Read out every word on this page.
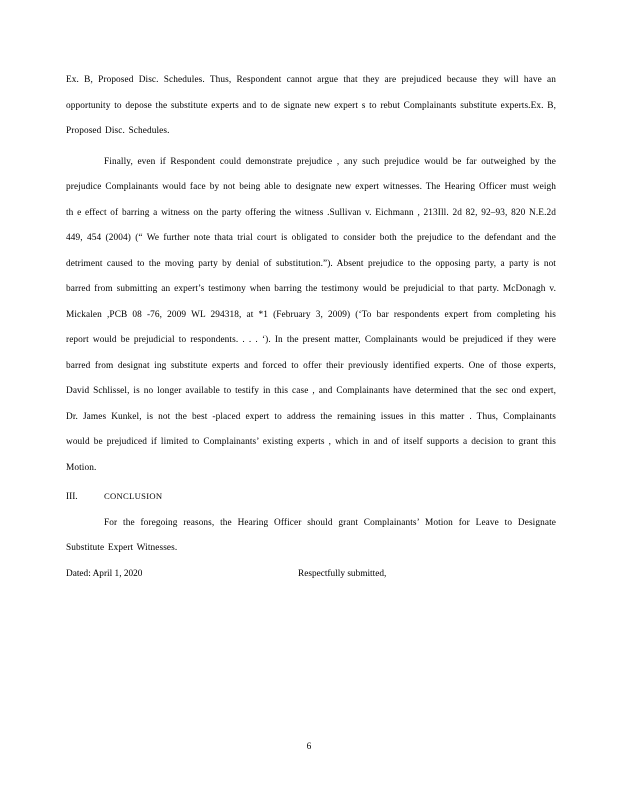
Ex. B, Proposed Disc. Schedules. Thus, Respondent cannot argue that they are prejudiced because they will have an opportunity to depose the substitute experts and to de signate new expert s to rebut Complainants substitute experts.Ex. B, Proposed Disc. Schedules.

Finally, even if Respondent could demonstrate prejudice , any such prejudice would be far outweighed by the prejudice Complainants would face by not being able to designate new expert witnesses. The Hearing Officer must weigh th e effect of barring a witness on the party offering the witness .Sullivan v. Eichmann , 213Ill. 2d 82, 92–93, 820 N.E.2d 449, 454 (2004) (“ We further note thata trial court is obligated to consider both the prejudice to the defendant and the detriment caused to the moving party by denial of substitution.”). Absent prejudice to the opposing party, a party is not barred from submitting an expert’s testimony when barring the testimony would be prejudicial to that party. McDonagh v. Mickalen ,PCB 08 -76, 2009 WL 294318, at *1 (February 3, 2009) (‘To bar respondents expert from completing his report would be prejudicial to respondents. . . . ‘). In the present matter, Complainants would be prejudiced if they were barred from designat ing substitute experts and forced to offer their previously identified experts. One of those experts, David Schlissel, is no longer available to testify in this case , and Complainants have determined that the sec ond expert, Dr. James Kunkel, is not the best -placed expert to address the remaining issues in this matter . Thus, Complainants would be prejudiced if limited to Complainants’ existing experts , which in and of itself supports a decision to grant this Motion.

III.	CONCLUSION

For the foregoing reasons, the Hearing Officer should grant Complainants’ Motion for Leave to Designate Substitute Expert Witnesses.

Dated: April 1, 2020	Respectfully submitted,
6
